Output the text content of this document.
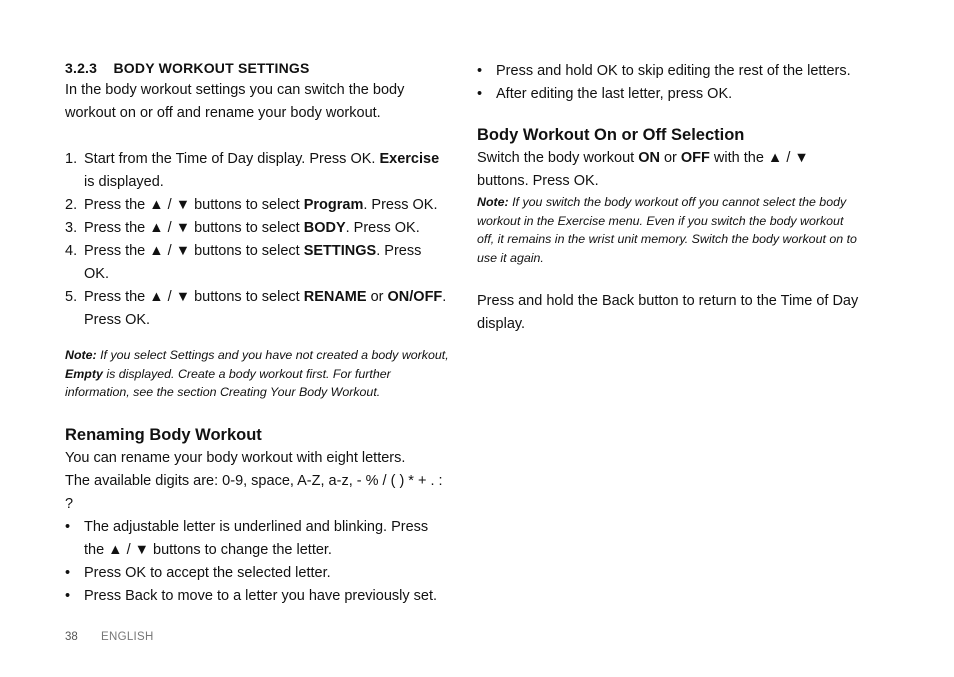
3.2.3 BODY WORKOUT SETTINGS

In the body workout settings you can switch the body workout on or off and rename your body workout.

1. Start from the Time of Day display. Press OK. Exercise is displayed.
2. Press the ▲ / ▼ buttons to select Program. Press OK.
3. Press the ▲ / ▼ buttons to select BODY. Press OK.
4. Press the ▲ / ▼ buttons to select SETTINGS. Press OK.
5. Press the ▲ / ▼ buttons to select RENAME or ON/OFF. Press OK.

Note: If you select Settings and you have not created a body workout, Empty is displayed. Create a body workout first. For further information, see the section Creating Your Body Workout.

Renaming Body Workout

You can rename your body workout with eight letters.

The available digits are: 0-9, space, A-Z, a-z, - % / ( ) * + . : ?

• The adjustable letter is underlined and blinking. Press the ▲ / ▼ buttons to change the letter.
• Press OK to accept the selected letter.
• Press Back to move to a letter you have previously set.
• Press and hold OK to skip editing the rest of the letters.
• After editing the last letter, press OK.
Body Workout On or Off Selection

Switch the body workout ON or OFF with the ▲ / ▼ buttons. Press OK.

Note: If you switch the body workout off you cannot select the body workout in the Exercise menu. Even if you switch the body workout off, it remains in the wrist unit memory. Switch the body workout on to use it again.

Press and hold the Back button to return to the Time of Day display.

38 ENGLISH
